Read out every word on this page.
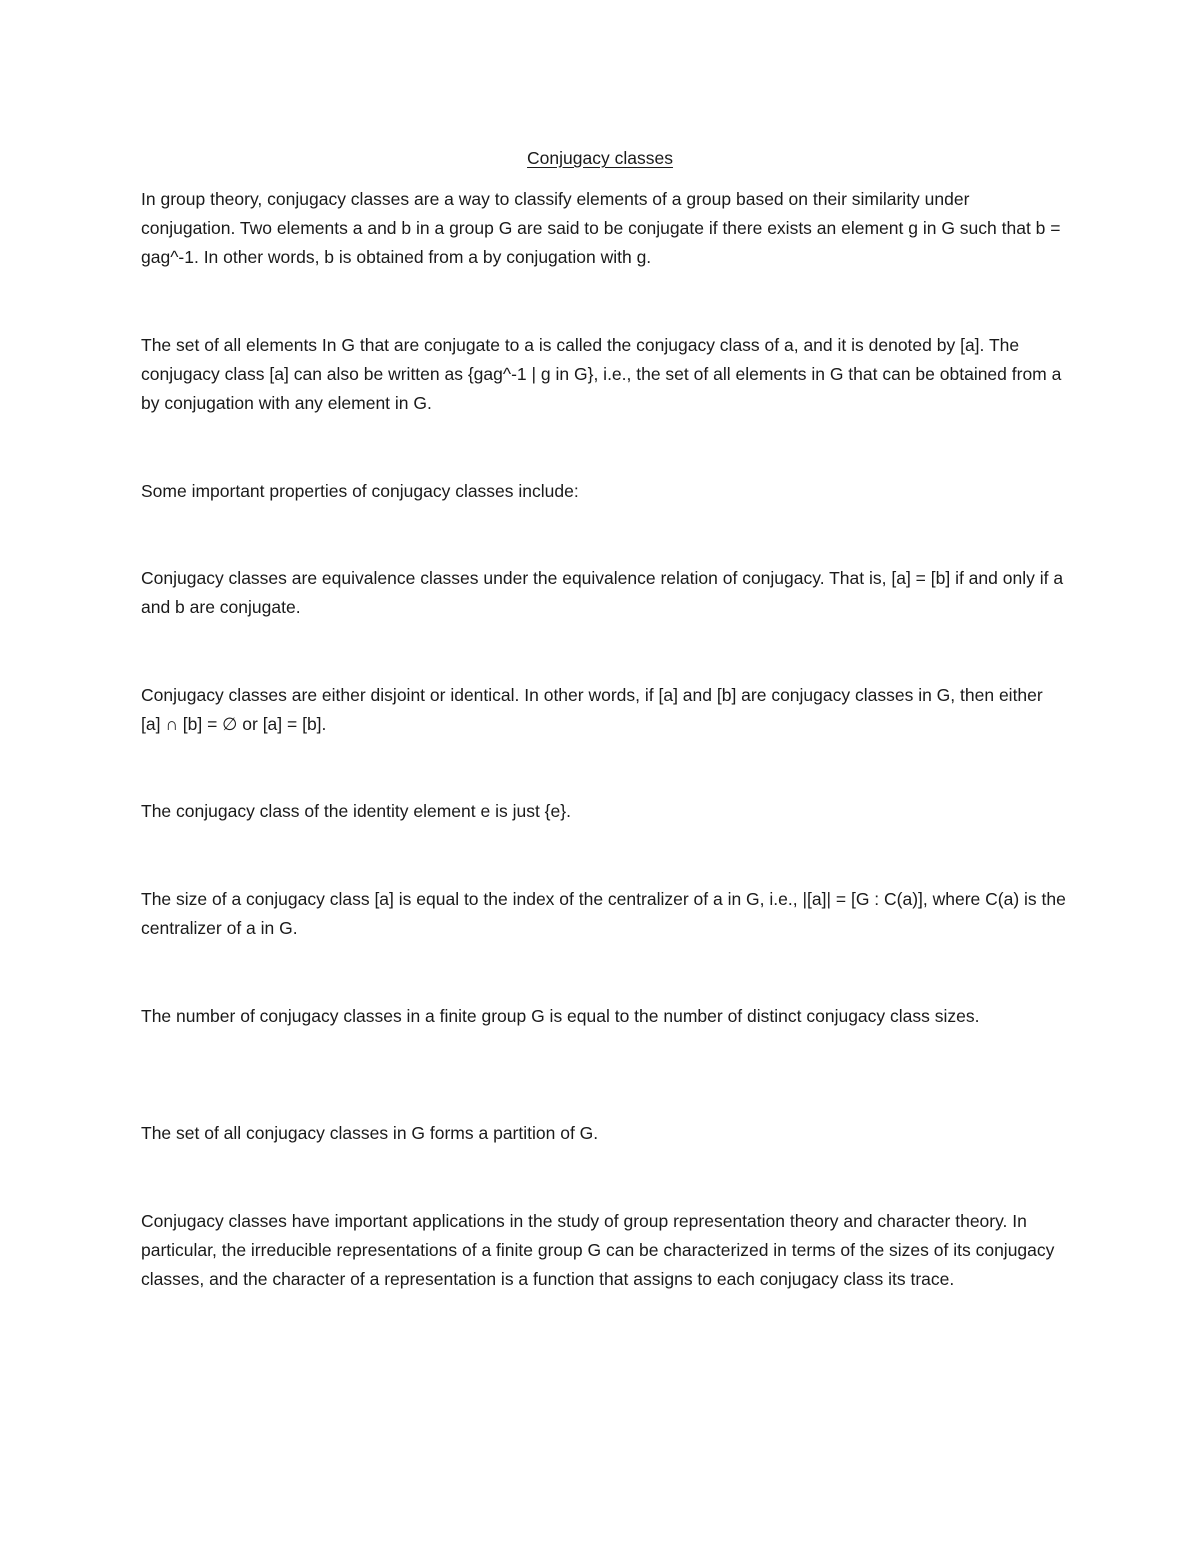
Conjugacy classes

In group theory, conjugacy classes are a way to classify elements of a group based on their similarity under conjugation. Two elements a and b in a group G are said to be conjugate if there exists an element g in G such that b = gag^-1. In other words, b is obtained from a by conjugation with g.

The set of all elements In G that are conjugate to a is called the conjugacy class of a, and it is denoted by [a]. The conjugacy class [a] can also be written as {gag^-1 | g in G}, i.e., the set of all elements in G that can be obtained from a by conjugation with any element in G.

Some important properties of conjugacy classes include:

Conjugacy classes are equivalence classes under the equivalence relation of conjugacy. That is, [a] = [b] if and only if a and b are conjugate.

Conjugacy classes are either disjoint or identical. In other words, if [a] and [b] are conjugacy classes in G, then either [a] ∩ [b] = ∅ or [a] = [b].

The conjugacy class of the identity element e is just {e}.

The size of a conjugacy class [a] is equal to the index of the centralizer of a in G, i.e., |[a]| = [G : C(a)], where C(a) is the centralizer of a in G.

The number of conjugacy classes in a finite group G is equal to the number of distinct conjugacy class sizes.

The set of all conjugacy classes in G forms a partition of G.

Conjugacy classes have important applications in the study of group representation theory and character theory. In particular, the irreducible representations of a finite group G can be characterized in terms of the sizes of its conjugacy classes, and the character of a representation is a function that assigns to each conjugacy class its trace.
